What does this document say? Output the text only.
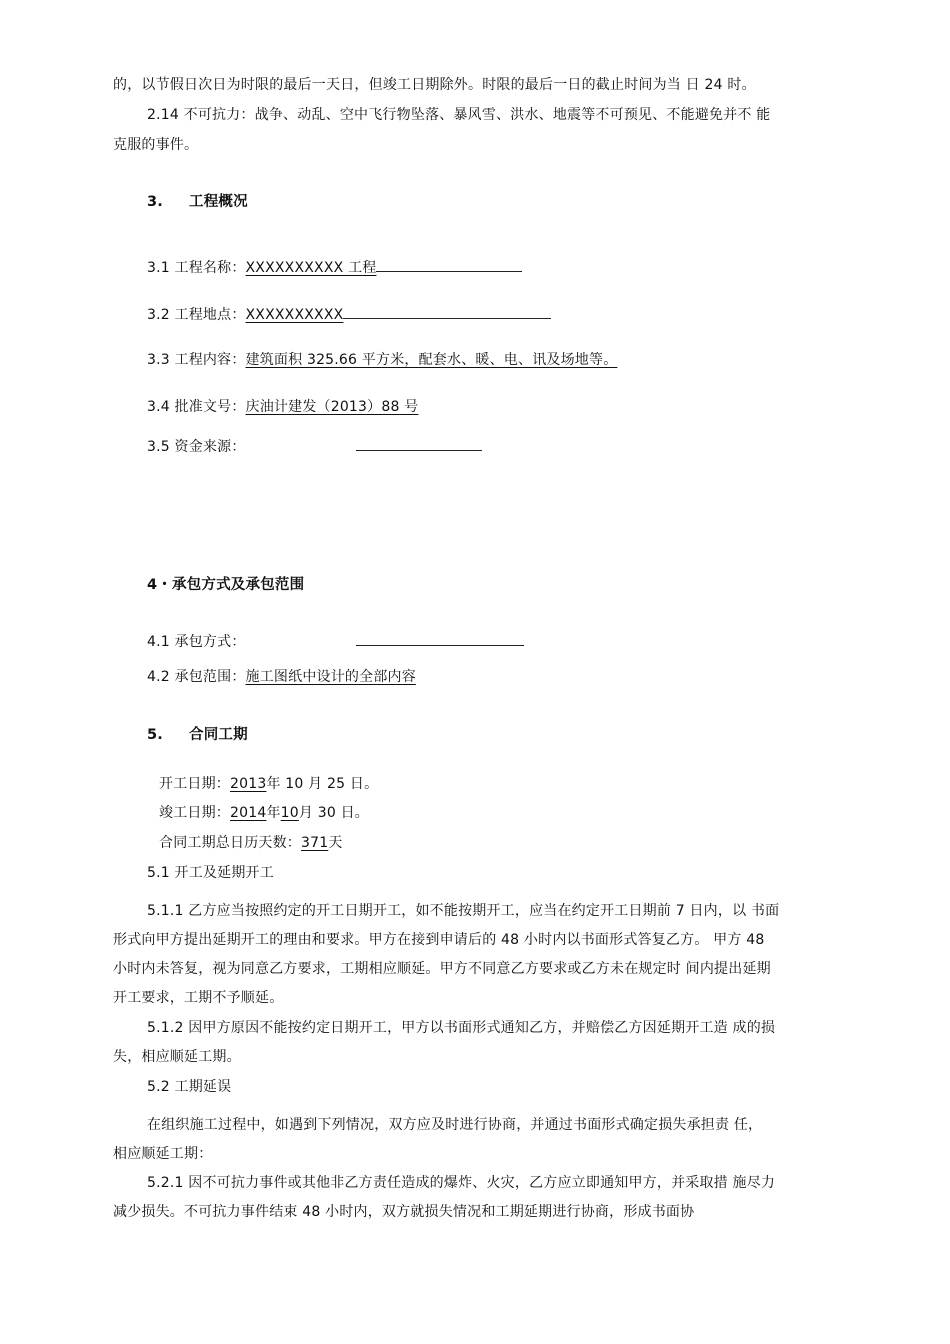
的，以节假日次日为时限的最后一天日，但竣工日期除外。时限的最后一日的截止时间为当 日 24 时。
2.14 不可抗力：战争、动乱、空中飞行物坠落、暴风雪、洪水、地震等不可预见、不能避免并不 能
克服的事件。
3. 工程概况
3.1 工程名称：XXXXXXXXXX 工程
3.2 工程地点：XXXXXXXXXX
3.3 工程内容：建筑面积 325.66 平方米，配套水、暖、电、讯及场地等。
3.4 批准文号：庆油计建发（2013）88 号
3.5 资金来源：
4・承包方式及承包范围
4.1 承包方式：
4.2 承包范围：施工图纸中设计的全部内容
5. 合同工期
开工日期：2013年 10 月 25 日。
竣工日期：2014年10月 30 日。
合同工期总日历天数：371天
5.1 开工及延期开工
5.1.1 乙方应当按照约定的开工日期开工，如不能按期开工，应当在约定开工日期前 7 日内，以 书面
形式向甲方提出延期开工的理由和要求。甲方在接到申请后的 48 小时内以书面形式答复乙方。 甲方 48
小时内未答复，视为同意乙方要求，工期相应顺延。甲方不同意乙方要求或乙方未在规定时 间内提出延期
开工要求，工期不予顺延。
5.1.2 因甲方原因不能按约定日期开工，甲方以书面形式通知乙方，并赔偿乙方因延期开工造 成的损
失，相应顺延工期。
5.2 工期延误
在组织施工过程中，如遇到下列情况，双方应及时进行协商，并通过书面形式确定损失承担责 任，
相应顺延工期：
5.2.1 因不可抗力事件或其他非乙方责任造成的爆炸、火灾，乙方应立即通知甲方，并采取措 施尽力
减少损失。不可抗力事件结束 48 小时内，双方就损失情况和工期延期进行协商，形成书面协
